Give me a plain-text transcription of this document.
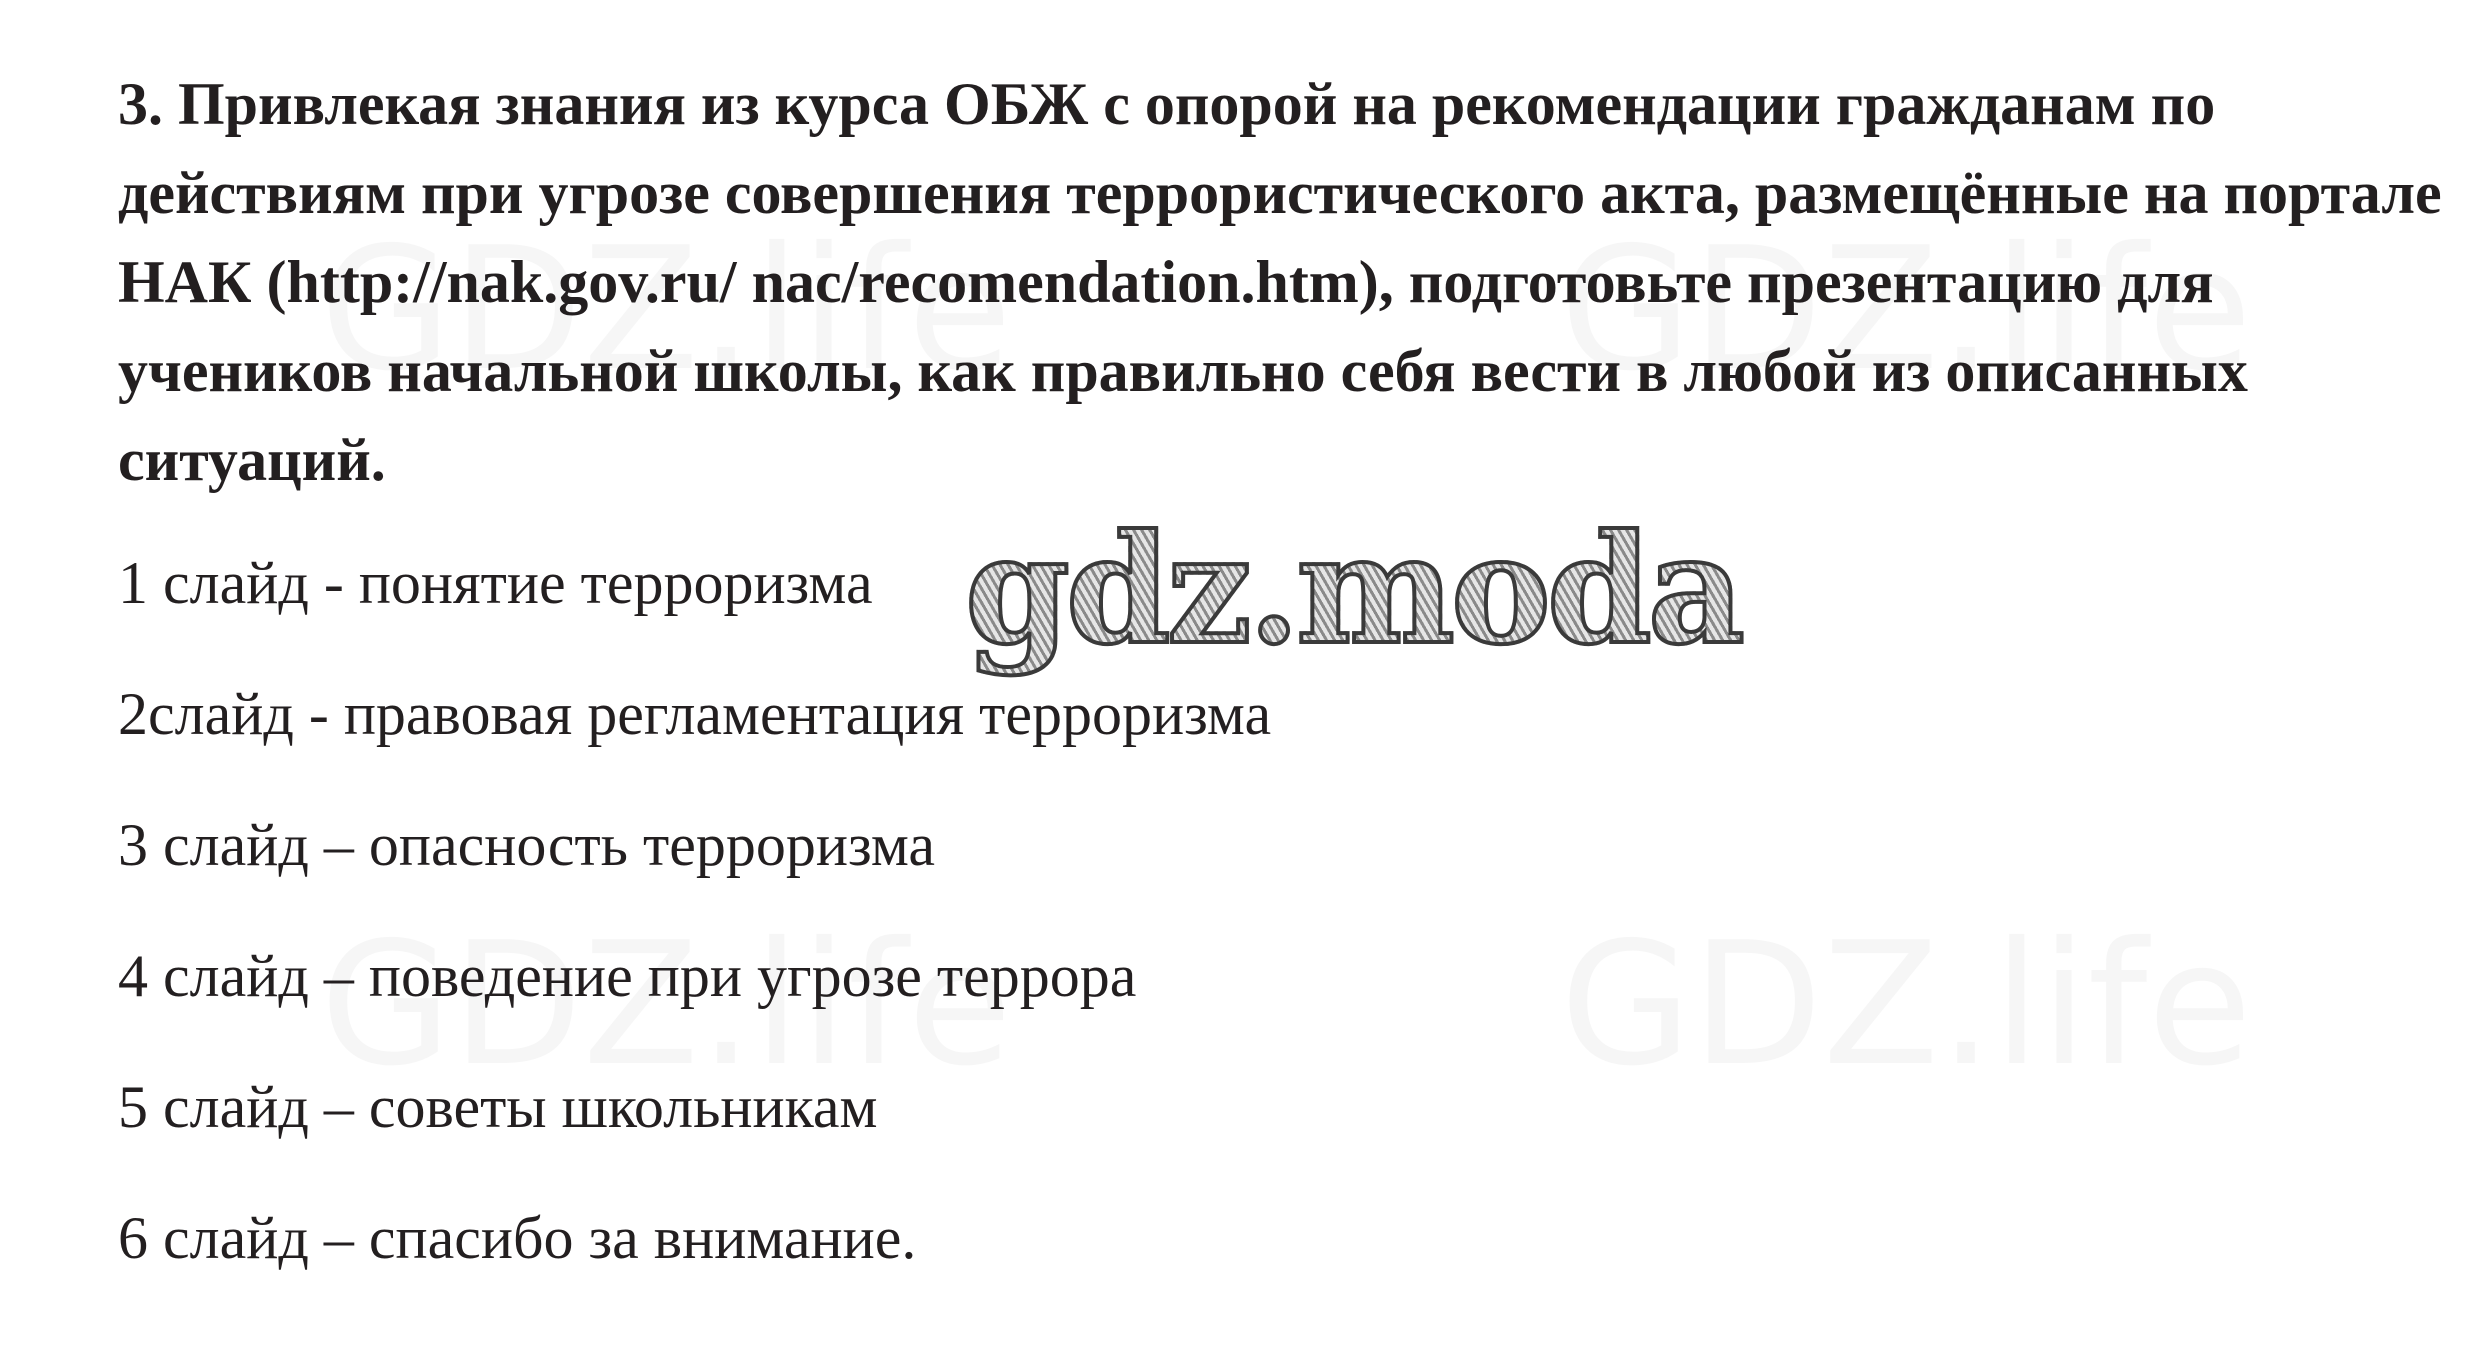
3. Привлекая знания из курса ОБЖ с опорой на рекомендации гражданам по действиям при угрозе совершения террористического акта, размещённые на портале НАК (http://nak.gov.ru/ nac/recomendation.htm), подготовьте презентацию для учеников начальной школы, как правильно себя вести в любой из описанных ситуаций.

1 слайд - понятие терроризма
2слайд - правовая регламентация терроризма
3 слайд – опасность терроризма
4 слайд – поведение при угрозе террора
5 слайд – советы школьникам
6 слайд – спасибо за внимание.
gdz.moda
